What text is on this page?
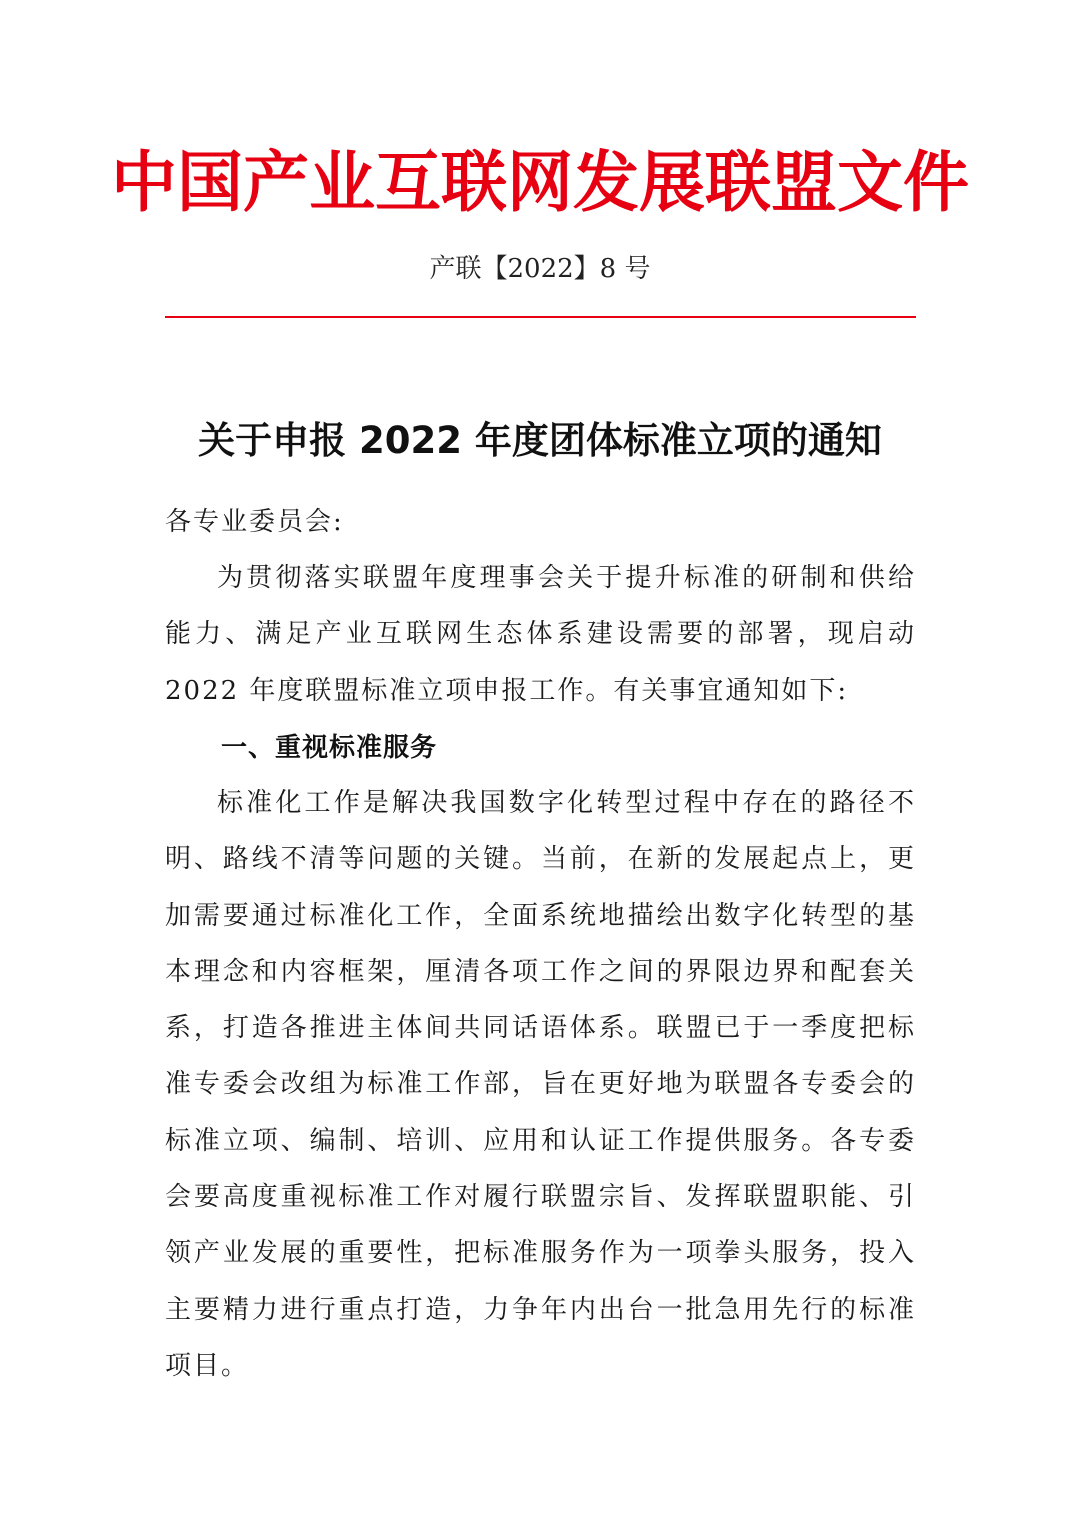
中国产业互联网发展联盟文件
产联【2022】8 号
关于申报 2022 年度团体标准立项的通知

各专业委员会:

为贯彻落实联盟年度理事会关于提升标准的研制和供给能力、满足产业互联网生态体系建设需要的部署，现启动 2022 年度联盟标准立项申报工作。有关事宜通知如下:

一、重视标准服务

标准化工作是解决我国数字化转型过程中存在的路径不明、路线不清等问题的关键。当前，在新的发展起点上，更加需要通过标准化工作，全面系统地描绘出数字化转型的基本理念和内容框架，厘清各项工作之间的界限边界和配套关系，打造各推进主体间共同话语体系。联盟已于一季度把标准专委会改组为标准工作部，旨在更好地为联盟各专委会的标准立项、编制、培训、应用和认证工作提供服务。各专委会要高度重视标准工作对履行联盟宗旨、发挥联盟职能、引领产业发展的重要性，把标准服务作为一项拳头服务，投入主要精力进行重点打造，力争年内出台一批急用先行的标准项目。
